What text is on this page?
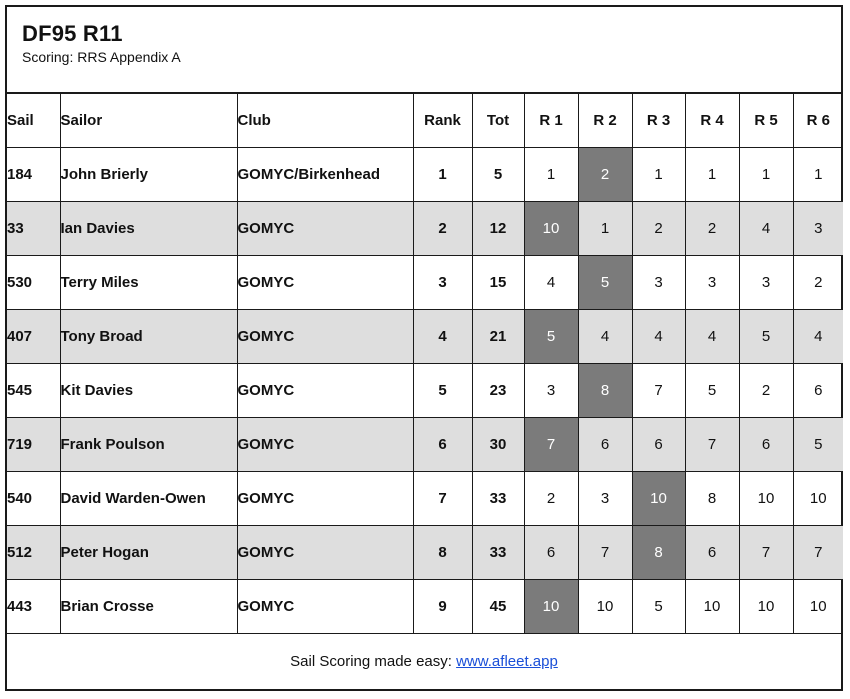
DF95 R11
Scoring: RRS Appendix A
Sail	Sailor	Club	Rank	Tot	R 1	R 2	R 3	R 4	R 5	R 6
184	John Brierly	GOMYC/Birkenhead	1	5	1	2	1	1	1	1
33	Ian Davies	GOMYC	2	12	10	1	2	2	4	3
530	Terry Miles	GOMYC	3	15	4	5	3	3	3	2
407	Tony Broad	GOMYC	4	21	5	4	4	4	5	4
545	Kit Davies	GOMYC	5	23	3	8	7	5	2	6
719	Frank Poulson	GOMYC	6	30	7	6	6	7	6	5
540	David Warden-Owen	GOMYC	7	33	2	3	10	8	10	10
512	Peter Hogan	GOMYC	8	33	6	7	8	6	7	7
443	Brian Crosse	GOMYC	9	45	10	10	5	10	10	10
Sail Scoring made easy: www.afleet.app
